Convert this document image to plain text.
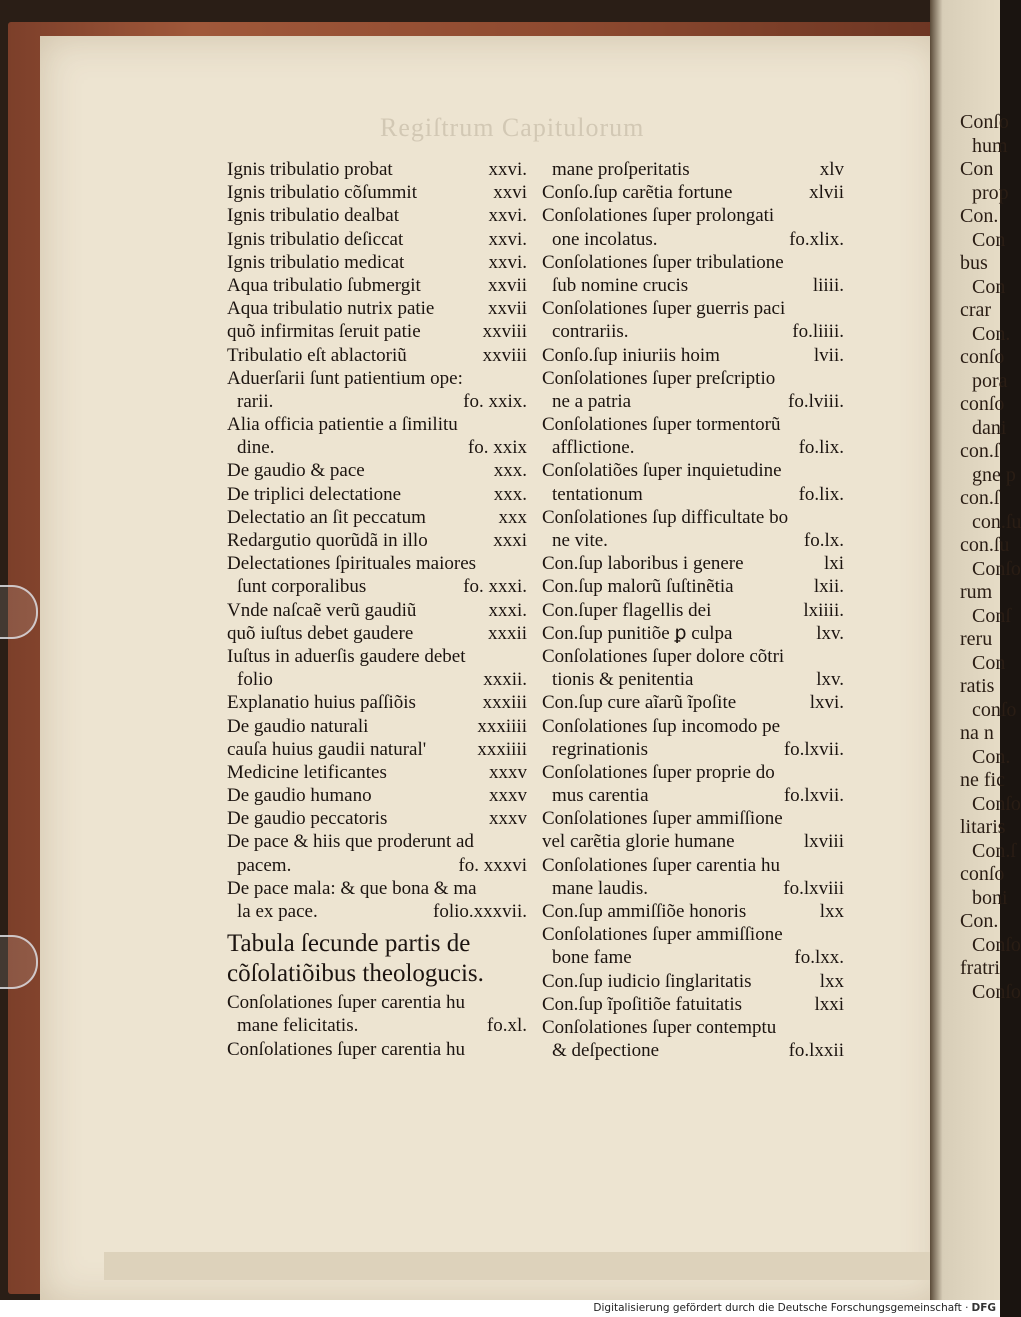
Conſo
hum
Con
prop
Con.
Con
bus
Con
crar
Con.
conſo
pora
conſo
dani
con.ſ
gne p
con.ſ
con.ſu
con.ſu
Conſo
rum
Conſ
reru
Con
ratis
conſo
na n
Con.
ne fic
Conſo
litaris
Con.ſ
conſo
boni
Con.
Conſo
fratri
Conſo
Regiſtrum Capitulorum
Ignis tribulatio probat	xxvi.
Ignis tribulatio cõſummit	xxvi
Ignis tribulatio dealbat	xxvi.
Ignis tribulatio deſiccat	xxvi.
Ignis tribulatio medicat	xxvi.
Aqua tribulatio ſubmergit	xxvii
Aqua tribulatio nutrix patie	xxvii
quõ infirmitas ſeruit patie	xxviii
Tribulatio eſt ablactoriũ	xxviii
Aduerſarii ſunt patientium ope:
rarii.	fo. xxix.
Alia officia patientie a ſimilitu
dine.	fo. xxix
De gaudio & pace	xxx.
De triplici delectatione	xxx.
Delectatio an ſit peccatum	xxx
Redargutio quorũdã in illo	xxxi
Delectationes ſpirituales maiores
ſunt corporalibus	fo. xxxi.
Vnde naſcaẽ verũ gaudiũ	xxxi.
quõ iuſtus debet gaudere	xxxii
Iuſtus in aduerſis gaudere debet
folio	xxxii.
Explanatio huius paſſiõis	xxxiii
De gaudio naturali	xxxiiii
cauſa huius gaudii natural'	xxxiiii
Medicine letificantes	xxxv
De gaudio humano	xxxv
De gaudio peccatoris	xxxv
De pace & hiis que proderunt ad
pacem.	fo. xxxvi
De pace mala: & que bona & ma
la ex pace.	folio.xxxvii.
Tabula ſecunde partis de
cõſolatiõibus theologucis.
Conſolationes ſuper carentia hu
mane felicitatis.	fo.xl.
Conſolationes ſuper carentia hu
mane proſperitatis	xlv
Conſo.ſup carẽtia fortune	xlvii
Conſolationes ſuper prolongati
one incolatus.	fo.xlix.
Conſolationes ſuper tribulatione
ſub nomine crucis	liiii.
Conſolationes ſuper guerris paci
contrariis.	fo.liiii.
Conſo.ſup iniuriis hoim	lvii.
Conſolationes ſuper preſcriptio
ne a patria	fo.lviii.
Conſolationes ſuper tormentorũ
afflictione.	fo.lix.
Conſolatiões ſuper inquietudine
tentationum	fo.lix.
Conſolationes ſup difficultate bo
ne vite.	fo.lx.
Con.ſup laboribus i genere	lxi
Con.ſup malorũ ſuſtinẽtia	lxii.
Con.ſuper flagellis dei	lxiiii.
Con.ſup punitiõe ꝑ culpa	lxv.
Conſolationes ſuper dolore cõtri
tionis & penitentia	lxv.
Con.ſup cure aĩarũ ĩpoſite	lxvi.
Conſolationes ſup incomodo pe
regrinationis	fo.lxvii.
Conſolationes ſuper proprie do
mus carentia	fo.lxvii.
Conſolationes ſuper ammiſſione
vel carẽtia glorie humane	lxviii
Conſolationes ſuper carentia hu
mane laudis.	fo.lxviii
Con.ſup ammiſſiõe honoris	lxx
Conſolationes ſuper ammiſſione
bone fame	fo.lxx.
Con.ſup iudicio ſinglaritatis	lxx
Con.ſup ĩpoſitiõe fatuitatis	lxxi
Conſolationes ſuper contemptu
& deſpectione	fo.lxxii
Digitalisierung gefördert durch die Deutsche Forschungsgemeinschaft · DFG
